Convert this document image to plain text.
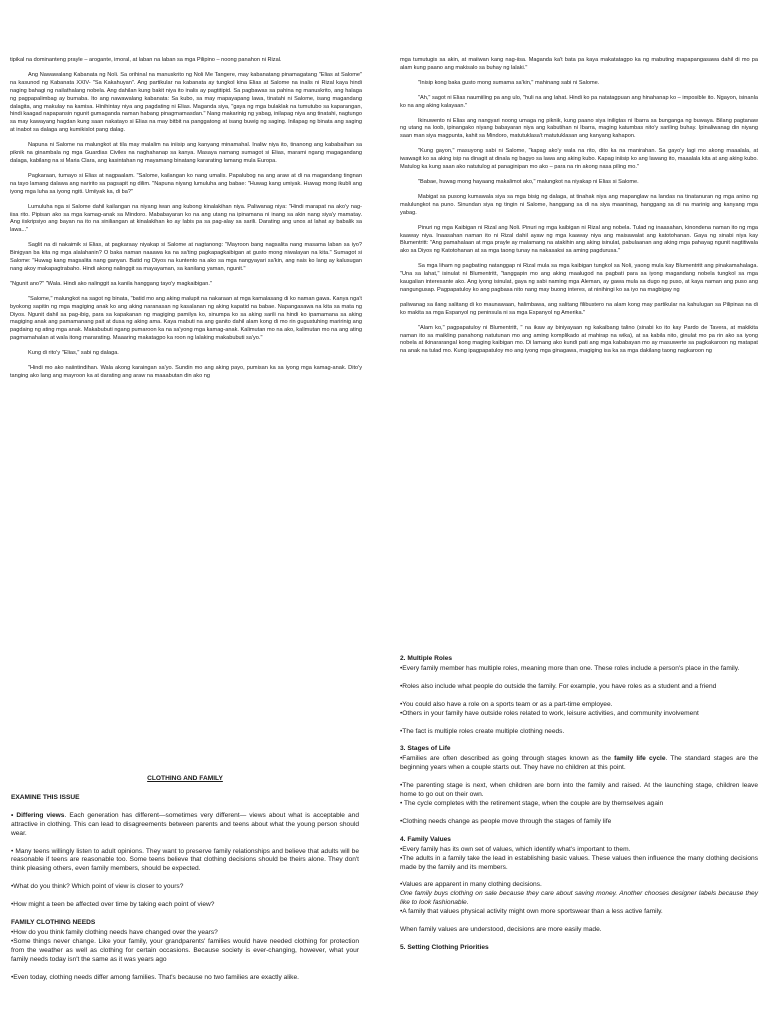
tipikal na dominanteng prayle – arogante, imoral, at laban na laban sa mga Pilipino – noong panahon ni Rizal.

Ang Nawawalang Kabanata ng Noli. Sa orihinal na manuskrito ng Noli Me Tangere, may kabanatang pinamagatang "Elias at Salome" na kasunod ng Kabanata XXIV- "Sa Kakahuyan". Ang partikular na kabanata ay tungkol kina Elias at Salome na inalis ni Rizal kaya hindi naging bahagi ng nailathalang nobela. Ang dahilan kung bakit niya ito inalis ay pagtitipid. Sa pagbawas sa pahina ng manuskrito, ang halaga ng pagpapalimbag ay bumaba. Ito ang nawawalang kabanata: Sa kubo, sa may mapayapang lawa, tinatahi ni Salome, isang magandang dalagita, ang makulay na kamisa. Hinihintay niya ang pagdating ni Elias. Maganda siya, "gaya ng mga bulaklak na tumutubo sa kaparangan, hindi kaagad napapansin ngunit gumaganda naman habang pinagmamasdan." Nang makarinig ng yabag, inilapag niya ang tinatahi, nagtungo sa may kawayang hagdan kung saan nakatayo si Elias na may bitbit na panggatong at isang buwig ng saging. Inilapag ng binata ang saging at inabot sa dalaga ang kumikislot pang dalag.

Napuna ni Salome na malungkot at tila may malalim na iniisip ang kanyang minamahal. Inaliw niya ito, tinanong ang kababaihan sa piknik na ginambala ng mga Guardias Civiles na naghahanap sa kanya. Masaya namang sumagot si Elias, marami ngang magagandang dalaga, kabilang na si Maria Clara, ang kasintahan ng mayamang binatang kararating lamang mula Europa.

Pagkaraan, tumayo si Elias at nagpaalam. "Salome, kailangan ko nang umalis. Papalubog na ang araw at di na magandang tingnan na tayo lamang dalawa ang naririto sa pagsapit ng dilim. "Napuna niyang lumuluha ang babae: "Huwag kang umiyak. Huwag mong ikubli ang iyong mga luha sa iyong ngiti. Umiiyak ka, di ba?"

Lumuluha nga si Salome dahil kailangan na niyang iwan ang kubong kinalakihan niya. Paliwanag niya: "Hindi marapat na ako'y nag-iisa rito. Pipisan ako sa mga kamag-anak sa Mindoro. Mababayaran ko na ang utang na ipinamana ni inang sa akin nang siya'y mamatay. Ang iiskripsiyo ang bayan na ito na siniliangan at kinalakihan ko ay labis pa sa pag-alay sa sarili. Darating ang unos at lahat ay babalik sa lawa..."

Saglit na di nakaimik si Elias, at pagkaraay niyakap si Salome at nagtanong: "Mayroon bang nagsalita nang masama laban sa iyo? Binigyan ba kita ng mga alalahanin? O baka naman naaawa ka na sa'ting pagkapagkaibigan at gusto mong niwalayan na kita." Sumagot si Salome: "Huwag kang magsalita nang ganyan. Batid ng Diyos na kuntento na ako sa mga nangyayari sa'kin, ang nais ko lang ay kalusugan nang akoy makapagtrabaho. Hindi akong nalinggit sa mayayaman, sa kanilang yaman, ngunit."

"Ngunit ano?" "Wala. Hindi ako nalinggit sa kanila hanggang tayo'y magkaibigan."

"Salome," malungkot na sagot ng binata, "batid mo ang aking malupit na nakaraan at mga kamalasang di ko naman gawa. Kanya nga't byokong sapitin ng mga magiging anak ko ang aking naranasan ng kasalanan ng aking kapatid na babae. Napangasawa na kita sa mata ng Diyos. Ngunit dahil sa pag-ibig, para sa kapakanan ng magiging pamilya ko, sinumpa ko sa aking sarili na hindi ko ipamamana sa aking magiging anak ang pamamanang pait at dusa ng aking ama. Kaya mabuti na ang ganito dahil alam kong di mo rin gugustuhing maririnig ang pagdaing ng ating mga anak. Makabubuti ngang pumaroon ka na sa'yong mga kamag-anak. Kalimutan mo na ako, kalimutan mo na ang ating pagmamahalan at wala itong mararating. Maaaring makatagpo ka roon ng lalaking makabubuti sa'yo."

Kung di rito'y "Elias," sabi ng dalaga.

"Hindi mo ako naiintindihan. Wala akong karaingan sa'yo. Sundin mo ang aking payo, pumisan ka sa iyong mga kamag-anak. Dito'y tanging ako lang ang mayroon ka at darating ang araw na maaabutan din ako ng

mga tumutugis sa akin, at maiiwan kang nag-iisa. Maganda ka't bata pa kaya makatatagpo ka ng mabuting mapapangasawa dahil di mo pa alam kung paano ang makisalo sa buhay ng lalaki."

"Inisip kong baka gusto mong sumama sa'kin," mahinang sabi ni Salome.

"Ah," sagot ni Elias naumiiling pa ang ulo, "huli na ang lahat. Hindi ko pa natatagpuan ang hinahanap ko – imposible ito. Ngayon, isinanla ko na ang aking kalayaan."

Ikinuwento ni Elias ang nangyari noong umaga ng piknik, kung paano siya iniligtas ni Ibarra sa bunganga ng buwaya. Bilang pagtanaw ng utang na loob, ipinangako niyang babayaran niya ang kabutihan ni Ibarra, maging katumbas nito'y sariling buhay. Ipinaliwanag din niyang saan man siya magpunta, kahit sa Mindoro, matutuklasa't matutuklasan ang kanyang kahapon.

"Kung gayon," masuyong sabi ni Salome, "kapag ako'y wala na rito, dito ka na manirahan. Sa gayo'y lagi mo akong maaalala, at iwawagit ko sa aking isip na dinagit at dinala ng bagyo sa lawa ang aking kubo. Kapag iniisip ko ang lawang ito, maaalala kita at ang aking kubo. Matulog ka kung saan ako natutulog at panaginipan mo ako – para na rin akong nasa piling mo."

"Babae, huwag mong hayaang makalimot ako," malungkot na niyakap ni Elias si Salome.

Mabigat sa pusong kumawala siya sa mga bisig ng dalaga, at tinahak niya ang mapanglaw na landas na tinatanuran ng mga anino ng malulungkot na puno. Sinundan siya ng tingin ni Salome, hanggang sa di na siya maaninag, hanggang sa di na marinig ang kanyang mga yabag.

Pinuri ng mga Kaibigan ni Rizal ang Noli. Pinuri ng mga kaibigan ni Rizal ang nobela. Tulad ng inaasahan, kinondena naman ito ng mga kaaway niya. Inaasahan naman ito ni Rizal dahil ayaw ng mga kaaway niya ang maisawalat ang katotohanan. Gaya ng sinabi niya kay Blumentritt: "Ang pamahalaan at mga prayle ay malamang na atakihin ang aking isinulat, pabulaanan ang aking mga pahayag ngunit nagtitiwala ako sa Diyos ng Katotohanan at sa mga taong tunay na nakasaksi sa aming pagdurusa."

Sa mga liham ng pagbating natanggap ni Rizal mula sa mga kaibigan tungkol sa Noli, yaong mula kay Blumentritt ang pinakamahalaga. "Una sa lahat," isinulat ni Blumentritt, "tanggapin mo ang aking maalugod na pagbati para sa iyong magandang nobela tungkol sa mga kaugalian interesante ako. Ang iyong isinulat, gaya ng sabi naming mga Aleman, ay gawa mula sa dugo ng puso, at kaya naman ang puso ang nangungusap. Pagpapatuloy ko ang pagbasa nito nang may buong interes, at ninihingi ko sa iyo na magbigay ng

paliwanag sa ilang salitang di ko maunawaan, halimbawa, ang salitang filibustero na alam kong may partikular na kahulugan sa Pilipinas na di ko makita sa mga Espanyol ng peninsula ni sa mga Espanyol ng Amerika."

"Alam ko," pagpapatuloy ni Blumentritt, " na ikaw ay biniyayaan ng kakaibang talino (sinabi ko ito kay Pardo de Tavera, at makikita naman ito sa maikling panahong natutunan mo ang aming komplikado at mahirap na wika), at sa kabila nito, ginulat mo pa rin ako sa iyong nobela at ikinararangal kong maging kaibigan mo. Di lamang ako kundi pati ang mga kababayan mo ay masuwerte sa pagkakaroon ng matapat na anak na tulad mo. Kung ipagpapatuloy mo ang iyong mga ginagawa, magiging isa ka sa mga dakilang taong nagkaroon ng

CLOTHING AND FAMILY

EXAMINE THIS ISSUE

• Differing views. Each generation has different—sometimes very different— views about what is acceptable and attractive in clothing. This can lead to disagreements between parents and teens about what the young person should wear.

• Many teens willingly listen to adult opinions. They want to preserve family relationships and believe that adults will be reasonable if teens are reasonable too. Some teens believe that clothing decisions should be theirs alone. They don't think pleasing others, even family members, should be expected.

•What do you think? Which point of view is closer to yours?

•How might a teen be affected over time by taking each point of view?

FAMILY CLOTHING NEEDS

•How do you think family clothing needs have changed over the years?

•Some things never change. Like your family, your grandparents' families would have needed clothing for protection from the weather as well as clothing for certain occasions. Because society is ever-changing, however, what your family needs today isn't the same as it was years ago

•Even today, clothing needs differ among families. That's because no two families are exactly alike.

2. Multiple Roles

•Every family member has multiple roles, meaning more than one. These roles include a person's place in the family.

•Roles also include what people do outside the family. For example, you have roles as a student and a friend

•You could also have a role on a sports team or as a part-time employee.

•Others in your family have outside roles related to work, leisure activities, and community involvement

•The fact is multiple roles create multiple clothing needs.

3. Stages of Life

•Families are often described as going through stages known as the family life cycle. The standard stages are the beginning years when a couple starts out. They have no children at this point.

•The parenting stage is next, when children are born into the family and raised. At the launching stage, children leave home to go out on their own.

• The cycle completes with the retirement stage, when the couple are by themselves again

•Clothing needs change as people move through the stages of family life

4. Family Values

•Every family has its own set of values, which identify what's important to them.

•The adults in a family take the lead in establishing basic values. These values then influence the many clothing decisions made by the family and its members.

•Values are apparent in many clothing decisions.

One family buys clothing on sale because they care about saving money. Another chooses designer labels because they like to look fashionable.

•A family that values physical activity might own more sportswear than a less active family.

When family values are understood, decisions are more easily made.

5. Setting Clothing Priorities
